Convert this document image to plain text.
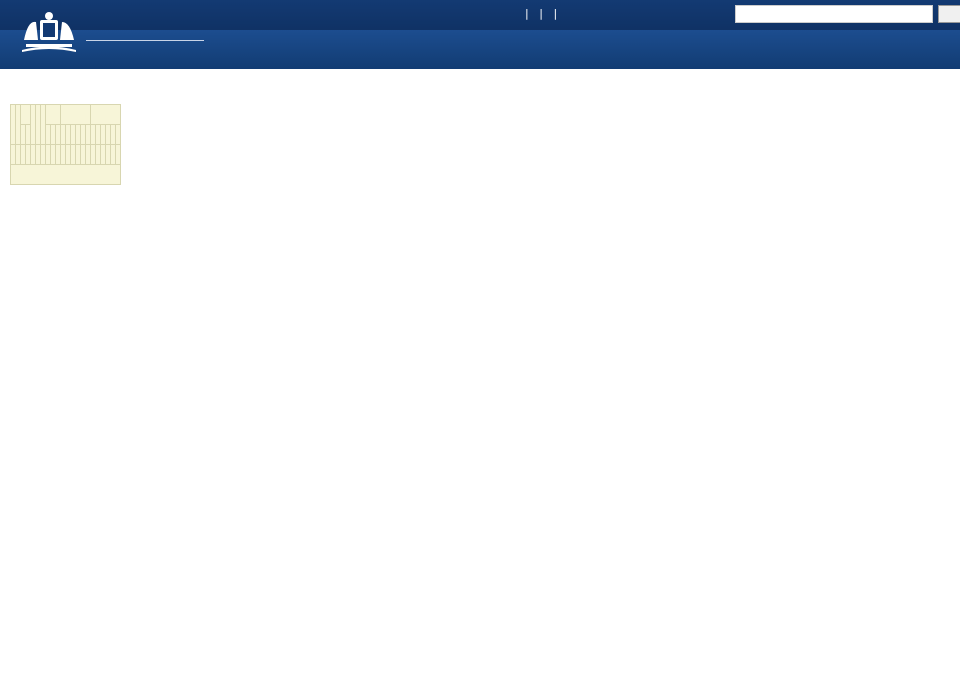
| | |
